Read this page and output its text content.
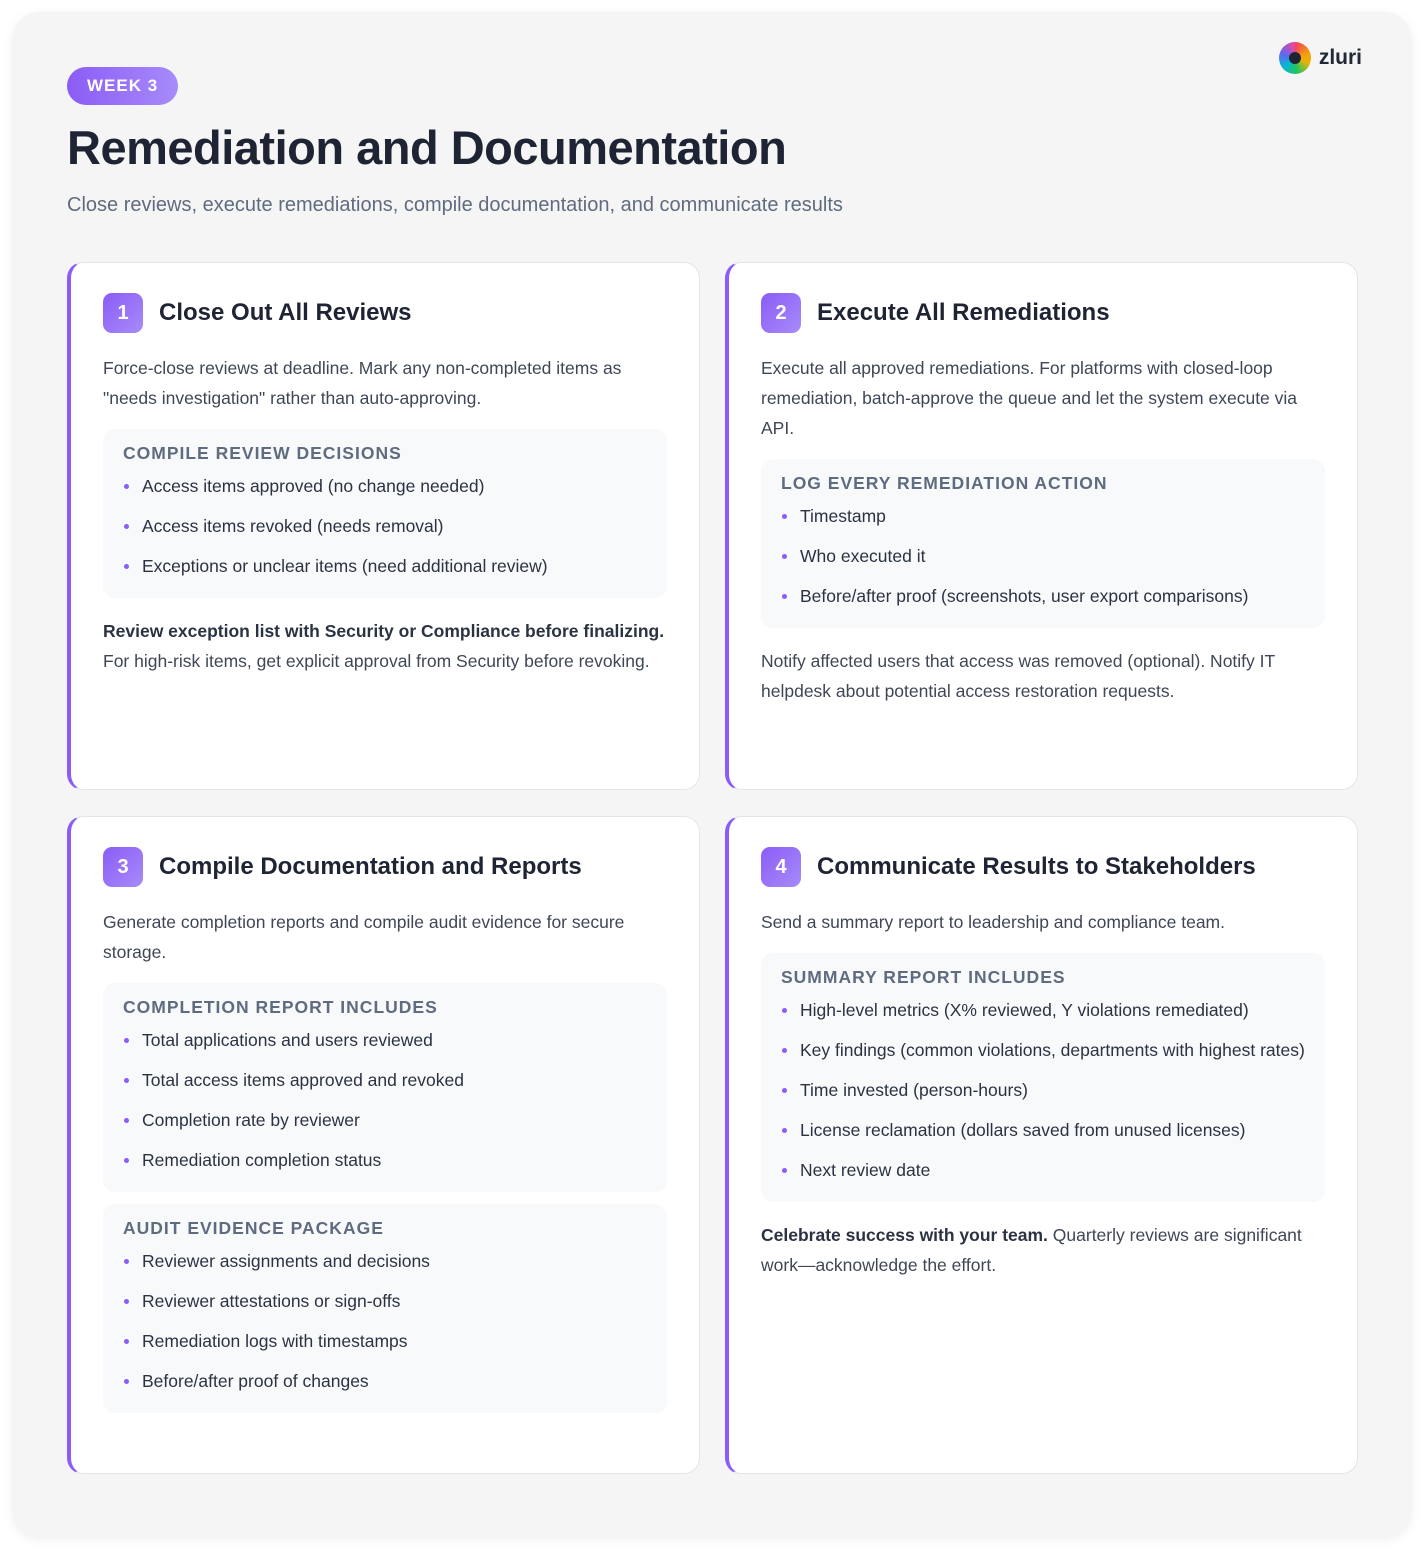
zluri
WEEK 3
Remediation and Documentation

Close reviews, execute remediations, compile documentation, and communicate results

1	Close Out All Reviews

Force-close reviews at deadline. Mark any non-completed items as "needs investigation" rather than auto-approving.

COMPILE REVIEW DECISIONS
Access items approved (no change needed)
Access items revoked (needs removal)
Exceptions or unclear items (need additional review)

Review exception list with Security or Compliance before finalizing. For high-risk items, get explicit approval from Security before revoking.

2	Execute All Remediations

Execute all approved remediations. For platforms with closed-loop remediation, batch-approve the queue and let the system execute via API.

LOG EVERY REMEDIATION ACTION
Timestamp
Who executed it
Before/after proof (screenshots, user export comparisons)

Notify affected users that access was removed (optional). Notify IT helpdesk about potential access restoration requests.

3	Compile Documentation and Reports

Generate completion reports and compile audit evidence for secure storage.

COMPLETION REPORT INCLUDES
Total applications and users reviewed
Total access items approved and revoked
Completion rate by reviewer
Remediation completion status
AUDIT EVIDENCE PACKAGE
Reviewer assignments and decisions
Reviewer attestations or sign-offs
Remediation logs with timestamps
Before/after proof of changes
4	Communicate Results to Stakeholders

Send a summary report to leadership and compliance team.

SUMMARY REPORT INCLUDES
High-level metrics (X% reviewed, Y violations remediated)
Key findings (common violations, departments with highest rates)
Time invested (person-hours)
License reclamation (dollars saved from unused licenses)
Next review date

Celebrate success with your team. Quarterly reviews are significant work—acknowledge the effort.
